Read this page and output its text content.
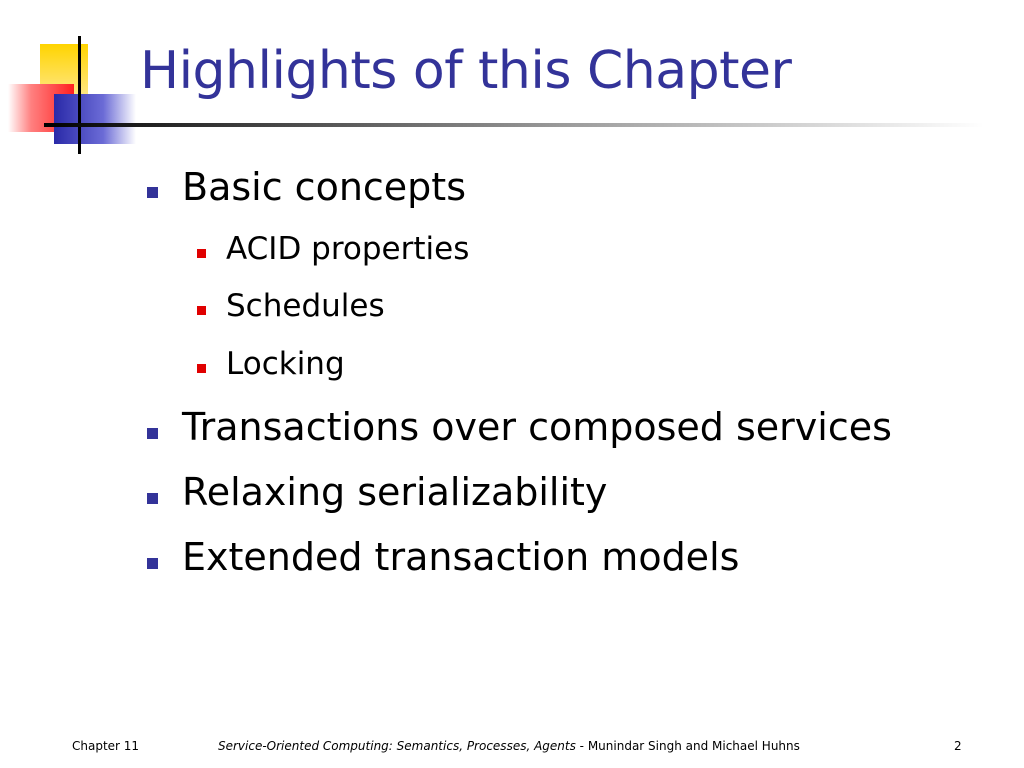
Highlights of this Chapter
Basic concepts
ACID properties
Schedules
Locking
Transactions over composed services
Relaxing serializability
Extended transaction models
Chapter 11	Service-Oriented Computing: Semantics, Processes, Agents - Munindar Singh and Michael Huhns	2
